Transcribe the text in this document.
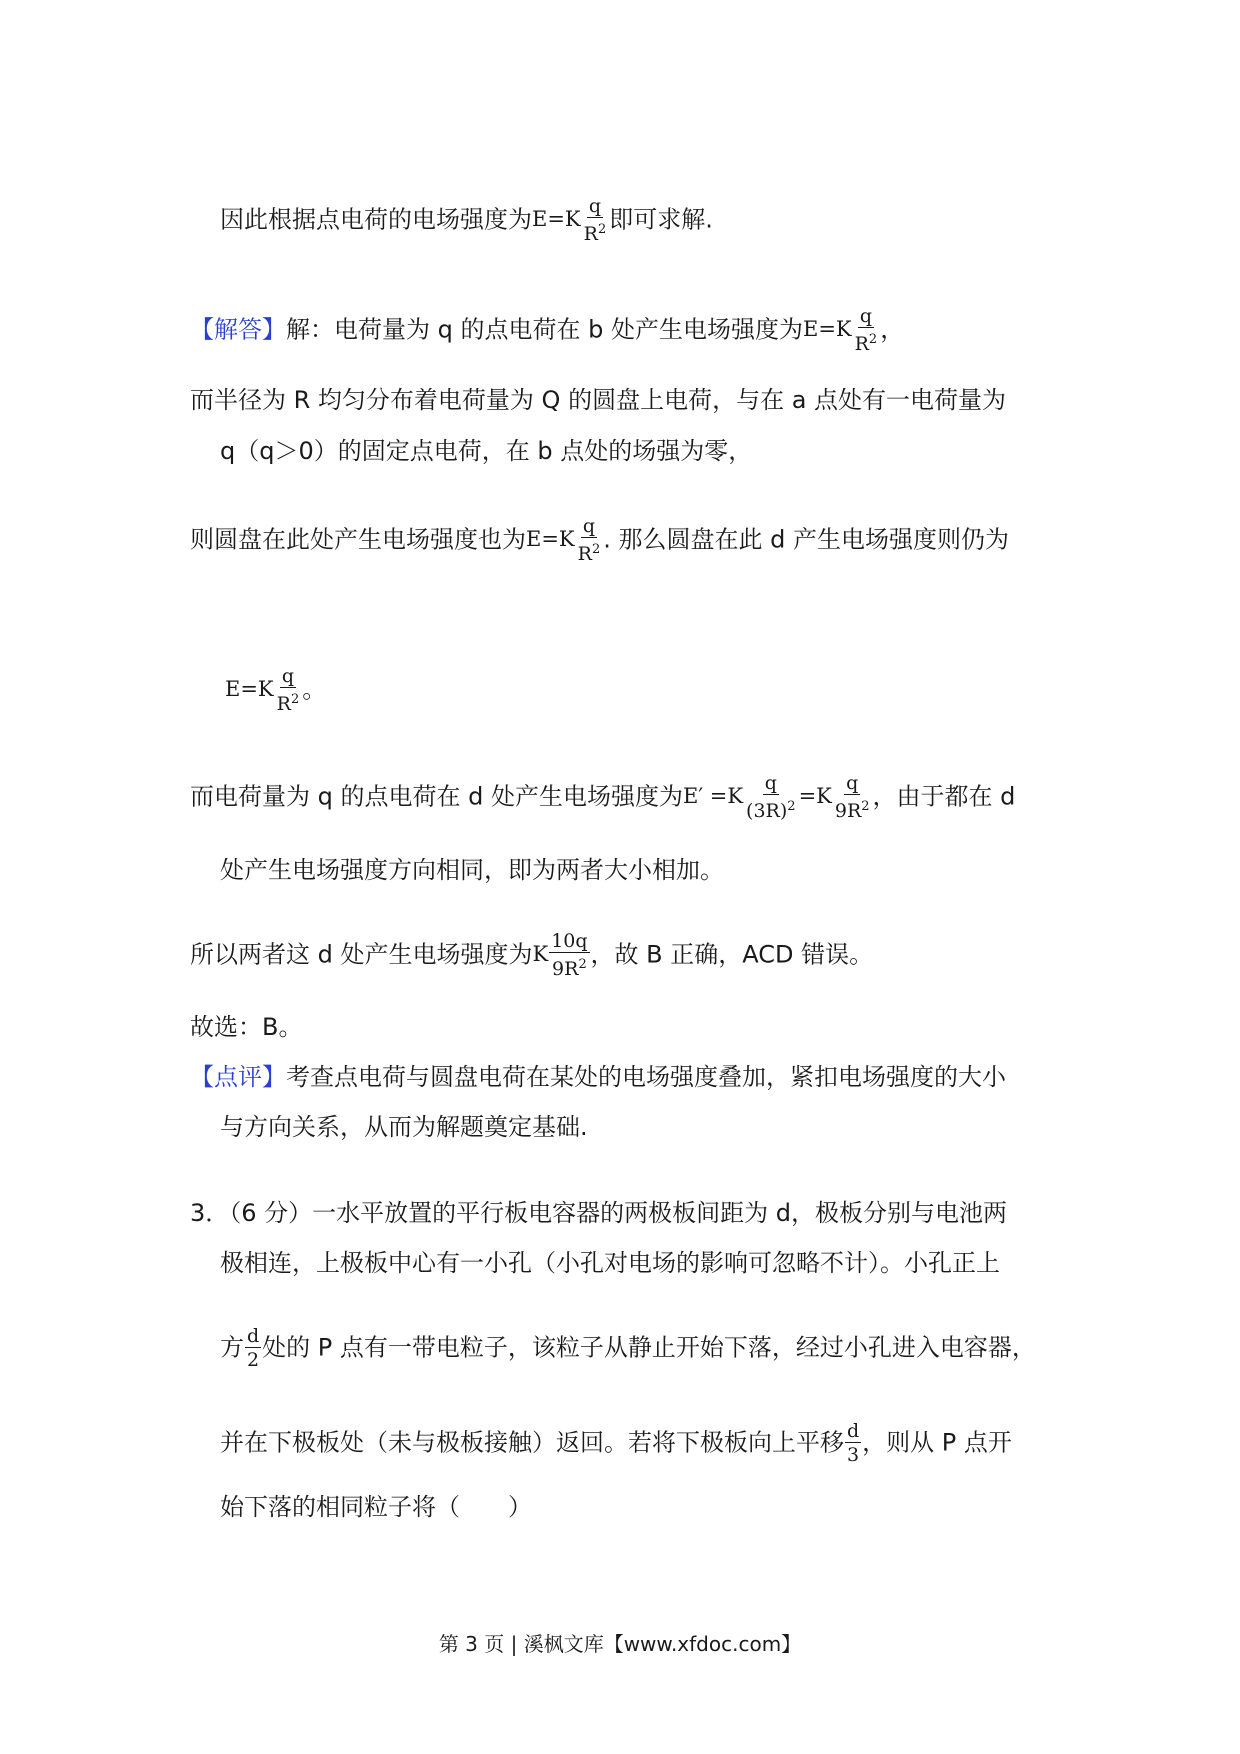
因此根据点电荷的电场强度为$E=K \frac{q}{R^2}$ 即可求解.
【解答】解：电荷量为 q 的点电荷在 b 处产生电场强度为$E=K \frac{q}{R^2}$ ，
而半径为 R 均匀分布着电荷量为 Q 的圆盘上电荷，与在 a 点处有一电荷量为
q（q＞0）的固定点电荷，在 b 点处的场强为零，
则圆盘在此处产生电场强度也为$E=K \frac{q}{R^2}$ . 那么圆盘在此 d 产生电场强度则仍为
$E=K \frac{q}{R^2}$ 。
而电荷量为 q 的点电荷在 d 处产生电场强度为$E' =K \frac{q}{(3R)^2} =K \frac{q}{9R^2}$ ，由于都在 d
处产生电场强度方向相同，即为两者大小相加。
所以两者这 d 处产生电场强度为K $\frac{10q}{9R^2}$ ，故 B 正确，ACD 错误。
故选：B。
【点评】考查点电荷与圆盘电荷在某处的电场强度叠加，紧扣电场强度的大小
与方向关系，从而为解题奠定基础.
3．（6 分）一水平放置的平行板电容器的两极板间距为 d，极板分别与电池两
极相连，上极板中心有一小孔（小孔对电场的影响可忽略不计）。小孔正上
方 $\frac{d}{2}$ 处的 P 点有一带电粒子，该粒子从静止开始下落，经过小孔进入电容器，
并在下极板处（未与极板接触）返回。若将下极板向上平移 $\frac{d}{3}$ ，则从 P 点开
始下落的相同粒子将（　　）
第 3 页 | 溪枫文库【www.xfdoc.com】
